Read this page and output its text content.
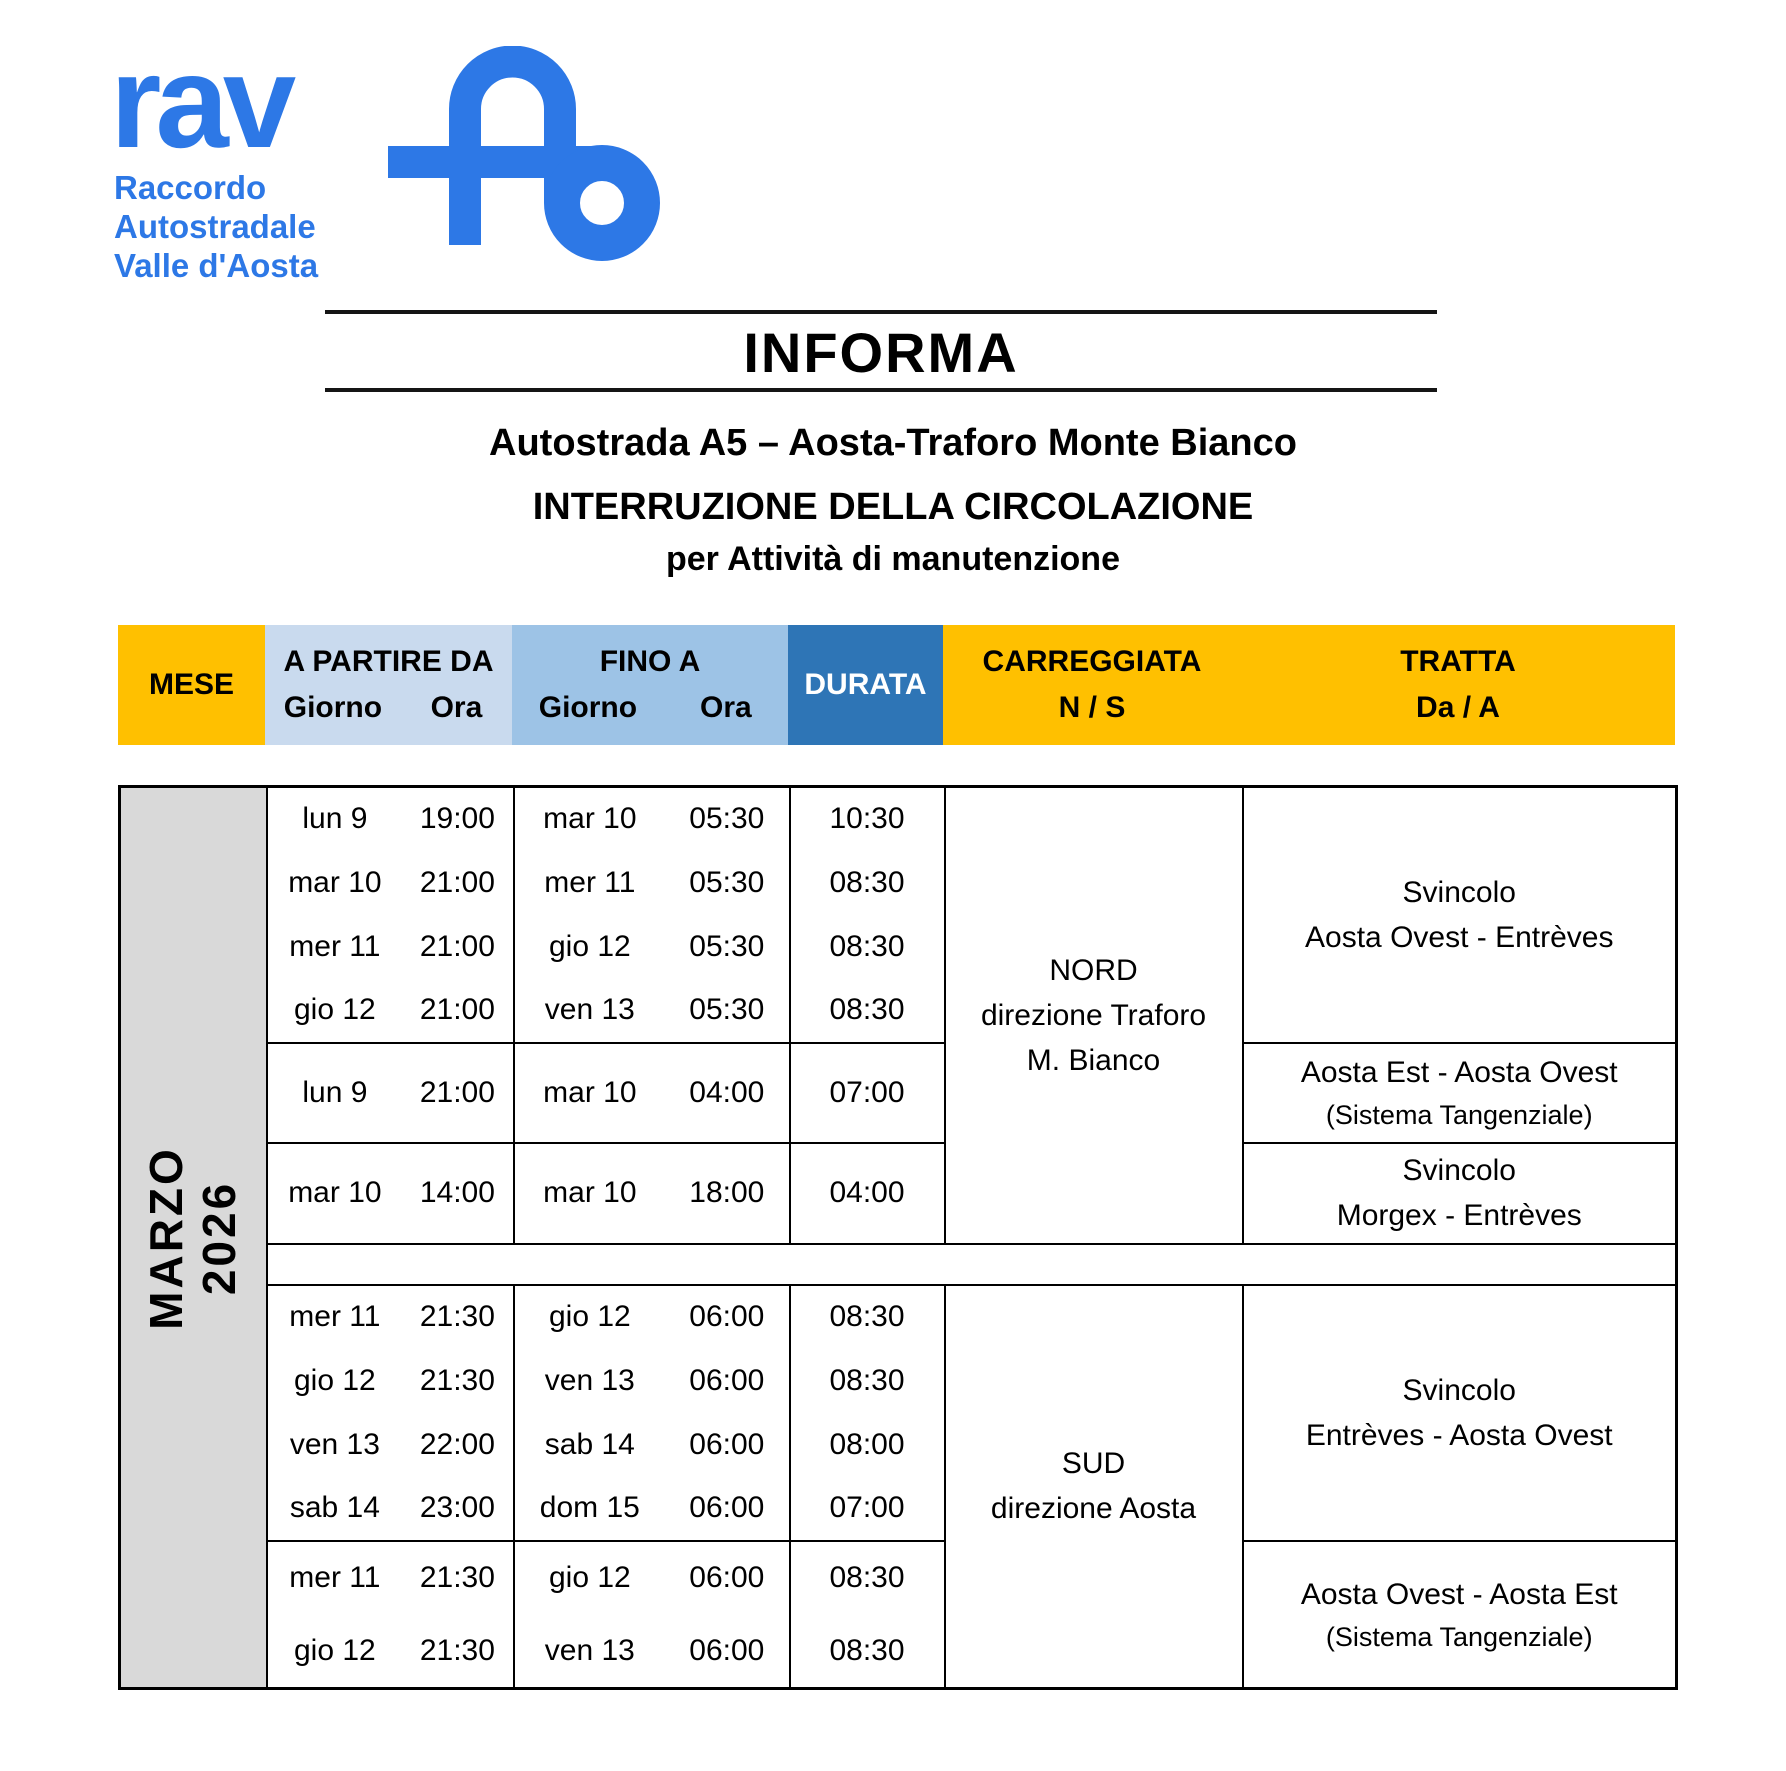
rav
Raccordo
Autostradale
Valle d'Aosta
INFORMA
Autostrada A5 – Aosta-Traforo Monte Bianco
INTERRUZIONE DELLA CIRCOLAZIONE
per Attività di manutenzione
MESE
A PARTIRE DA
Giorno	Ora
FINO A
Giorno	Ora
DURATA
CARREGGIATA
N / S
TRATTA
Da / A
MARZO 2026

lun 9	19:00	mar 10	05:30	10:30	
NORD
direzione Traforo
M. Bianco

Svincolo
Aosta Ovest - Entrèves

	mar 10 21:00	mer 11 05:30	08:30		

	mer 11 21:00	gio 12 05:30	08:30		

	gio 12 21:00	ven 13 05:30	08:30		

lun 9	21:00	mar 10	04:00	07:00	
Aosta Est - Aosta Ovest
(Sistema Tangenziale)

mar 10	14:00	mar 10	18:00	04:00	
Svincolo
Morgex - Entrèves

mer 11	21:30	gio 12	06:00	08:30	
SUD
direzione Aosta

Svincolo
Entrèves - Aosta Ovest

	gio 12 21:30	ven 13 06:00	08:30		

	ven 13 22:00	sab 14 06:00	08:00		

	sab 14 23:00	dom 15 06:00	07:00		

mer 11	21:30	gio 12	06:00	08:30	Aosta Ovest - Aosta Est
(Sistema Tangenziale)

	gio 12 21:30	ven 13 06:00	08:30		
